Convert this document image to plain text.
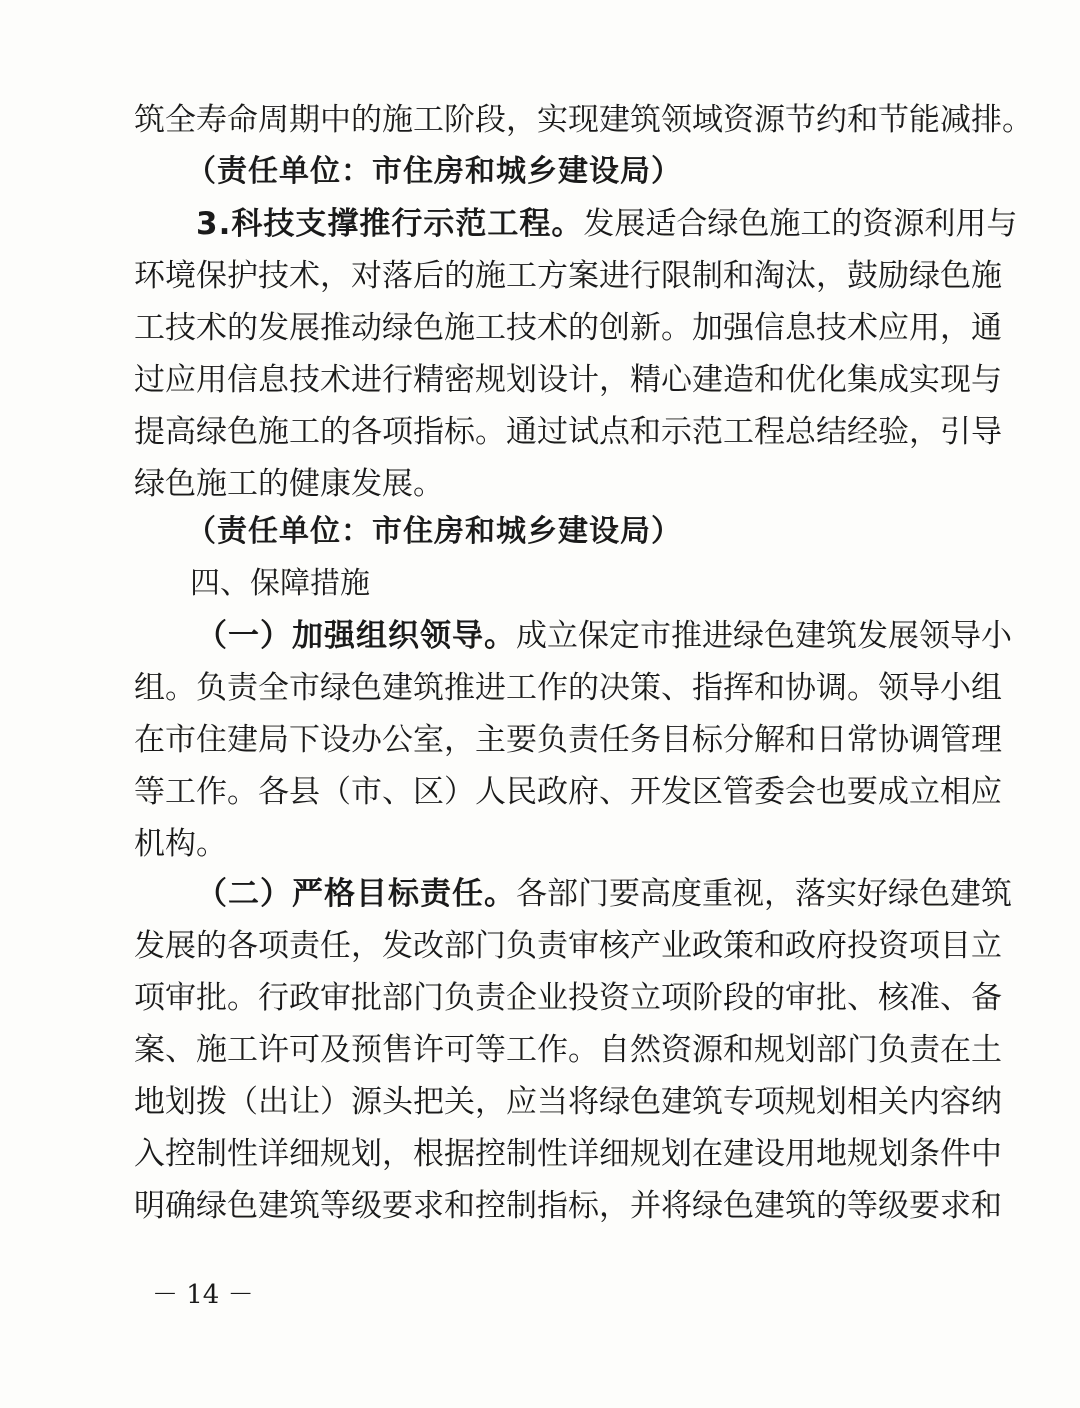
筑全寿命周期中的施工阶段，实现建筑领域资源节约和节能减排。
（责任单位：市住房和城乡建设局）
3.科技支撑推行示范工程。发展适合绿色施工的资源利用与
环境保护技术，对落后的施工方案进行限制和淘汰，鼓励绿色施
工技术的发展推动绿色施工技术的创新。加强信息技术应用，通
过应用信息技术进行精密规划设计，精心建造和优化集成实现与
提高绿色施工的各项指标。通过试点和示范工程总结经验，引导
绿色施工的健康发展。
（责任单位：市住房和城乡建设局）
四、保障措施
（一）加强组织领导。成立保定市推进绿色建筑发展领导小
组。负责全市绿色建筑推进工作的决策、指挥和协调。领导小组
在市住建局下设办公室，主要负责任务目标分解和日常协调管理
等工作。各县（市、区）人民政府、开发区管委会也要成立相应
机构。
（二）严格目标责任。各部门要高度重视，落实好绿色建筑
发展的各项责任，发改部门负责审核产业政策和政府投资项目立
项审批。行政审批部门负责企业投资立项阶段的审批、核准、备
案、施工许可及预售许可等工作。自然资源和规划部门负责在土
地划拨（出让）源头把关，应当将绿色建筑专项规划相关内容纳
入控制性详细规划，根据控制性详细规划在建设用地规划条件中
明确绿色建筑等级要求和控制指标，并将绿色建筑的等级要求和
－ 14 －
